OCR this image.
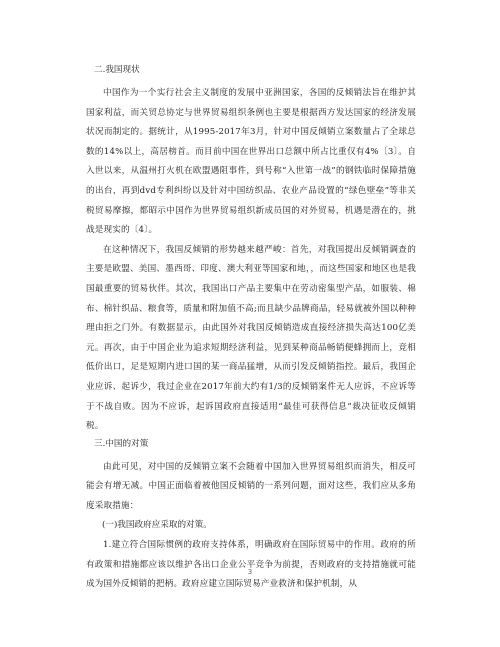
二.我国现状

中国作为一个实行社会主义制度的发展中亚洲国家，各国的反倾销法旨在维护其国家利益，而关贸总协定与世界贸易组织条例也主要是根据西方发达国家的经济发展状况而制定的。据统计，从1995-2017年3月，针对中国反倾销立案数量占了全球总数的14%以上，高居榜首。而目前中国在世界出口总额中所占比重仅有4%〔3〕。自入世以来，从温州打火机在欧盟遇阻事件，到号称“入世第一战”的钢铁临时保障措施的出台，再到dvd专利纠纷以及针对中国纺织品、农业产品设置的“绿色壁垒”等非关税贸易摩擦，都昭示中国作为世界贸易组织新成员国的对外贸易，机遇是潜在的，挑战是现实的〔4〕。

在这种情况下，我国反倾销的形势越来越严峻：首先，对我国提出反倾销调查的主要是欧盟、美国、墨西哥、印度、澳大利亚等国家和地，，而这些国家和地区也是我国最重要的贸易伙伴。其次，我国出口产品主要集中在劳动密集型产品，如服装、棉布、棉针织品、粮食等，质量和附加值不高;而且缺少品牌商品，轻易就被外国以种种理由拒之门外。有数据显示，由此国外对我国反倾销造成直接经济损失高达100亿美元。再次，由于中国企业为追求短期经济利益，见到某种商品畅销便蜂拥而上，竞相低价出口，足是短期内进口国的某一商品猛增，从而引发反倾销指控。最后，我国企业应诉、起诉少，我过企业在2017年前大约有1/3的反倾销案件无人应诉，不应诉等于不战自败。因为不应诉，起诉国政府直接适用“最佳可获得信息”裁决征收反倾销税。

三.中国的对策

由此可见，对中国的反倾销立案不会随着中国加入世界贸易组织而消失，相反可能会有增无减。中国正面临着被他国反倾销的一系列问题，面对这些，我们应从多角度采取措施：

(一)我国政府应采取的对策。

1.建立符合国际惯例的政府支持体系，明确政府在国际贸易中的作用。政府的所有政策和措施都应该以维护各出口企业公平竞争为前提，否则政府的支持措施就可能成为国外反倾销的把柄。政府应建立国际贸易产业救济和保护机制，从

3
